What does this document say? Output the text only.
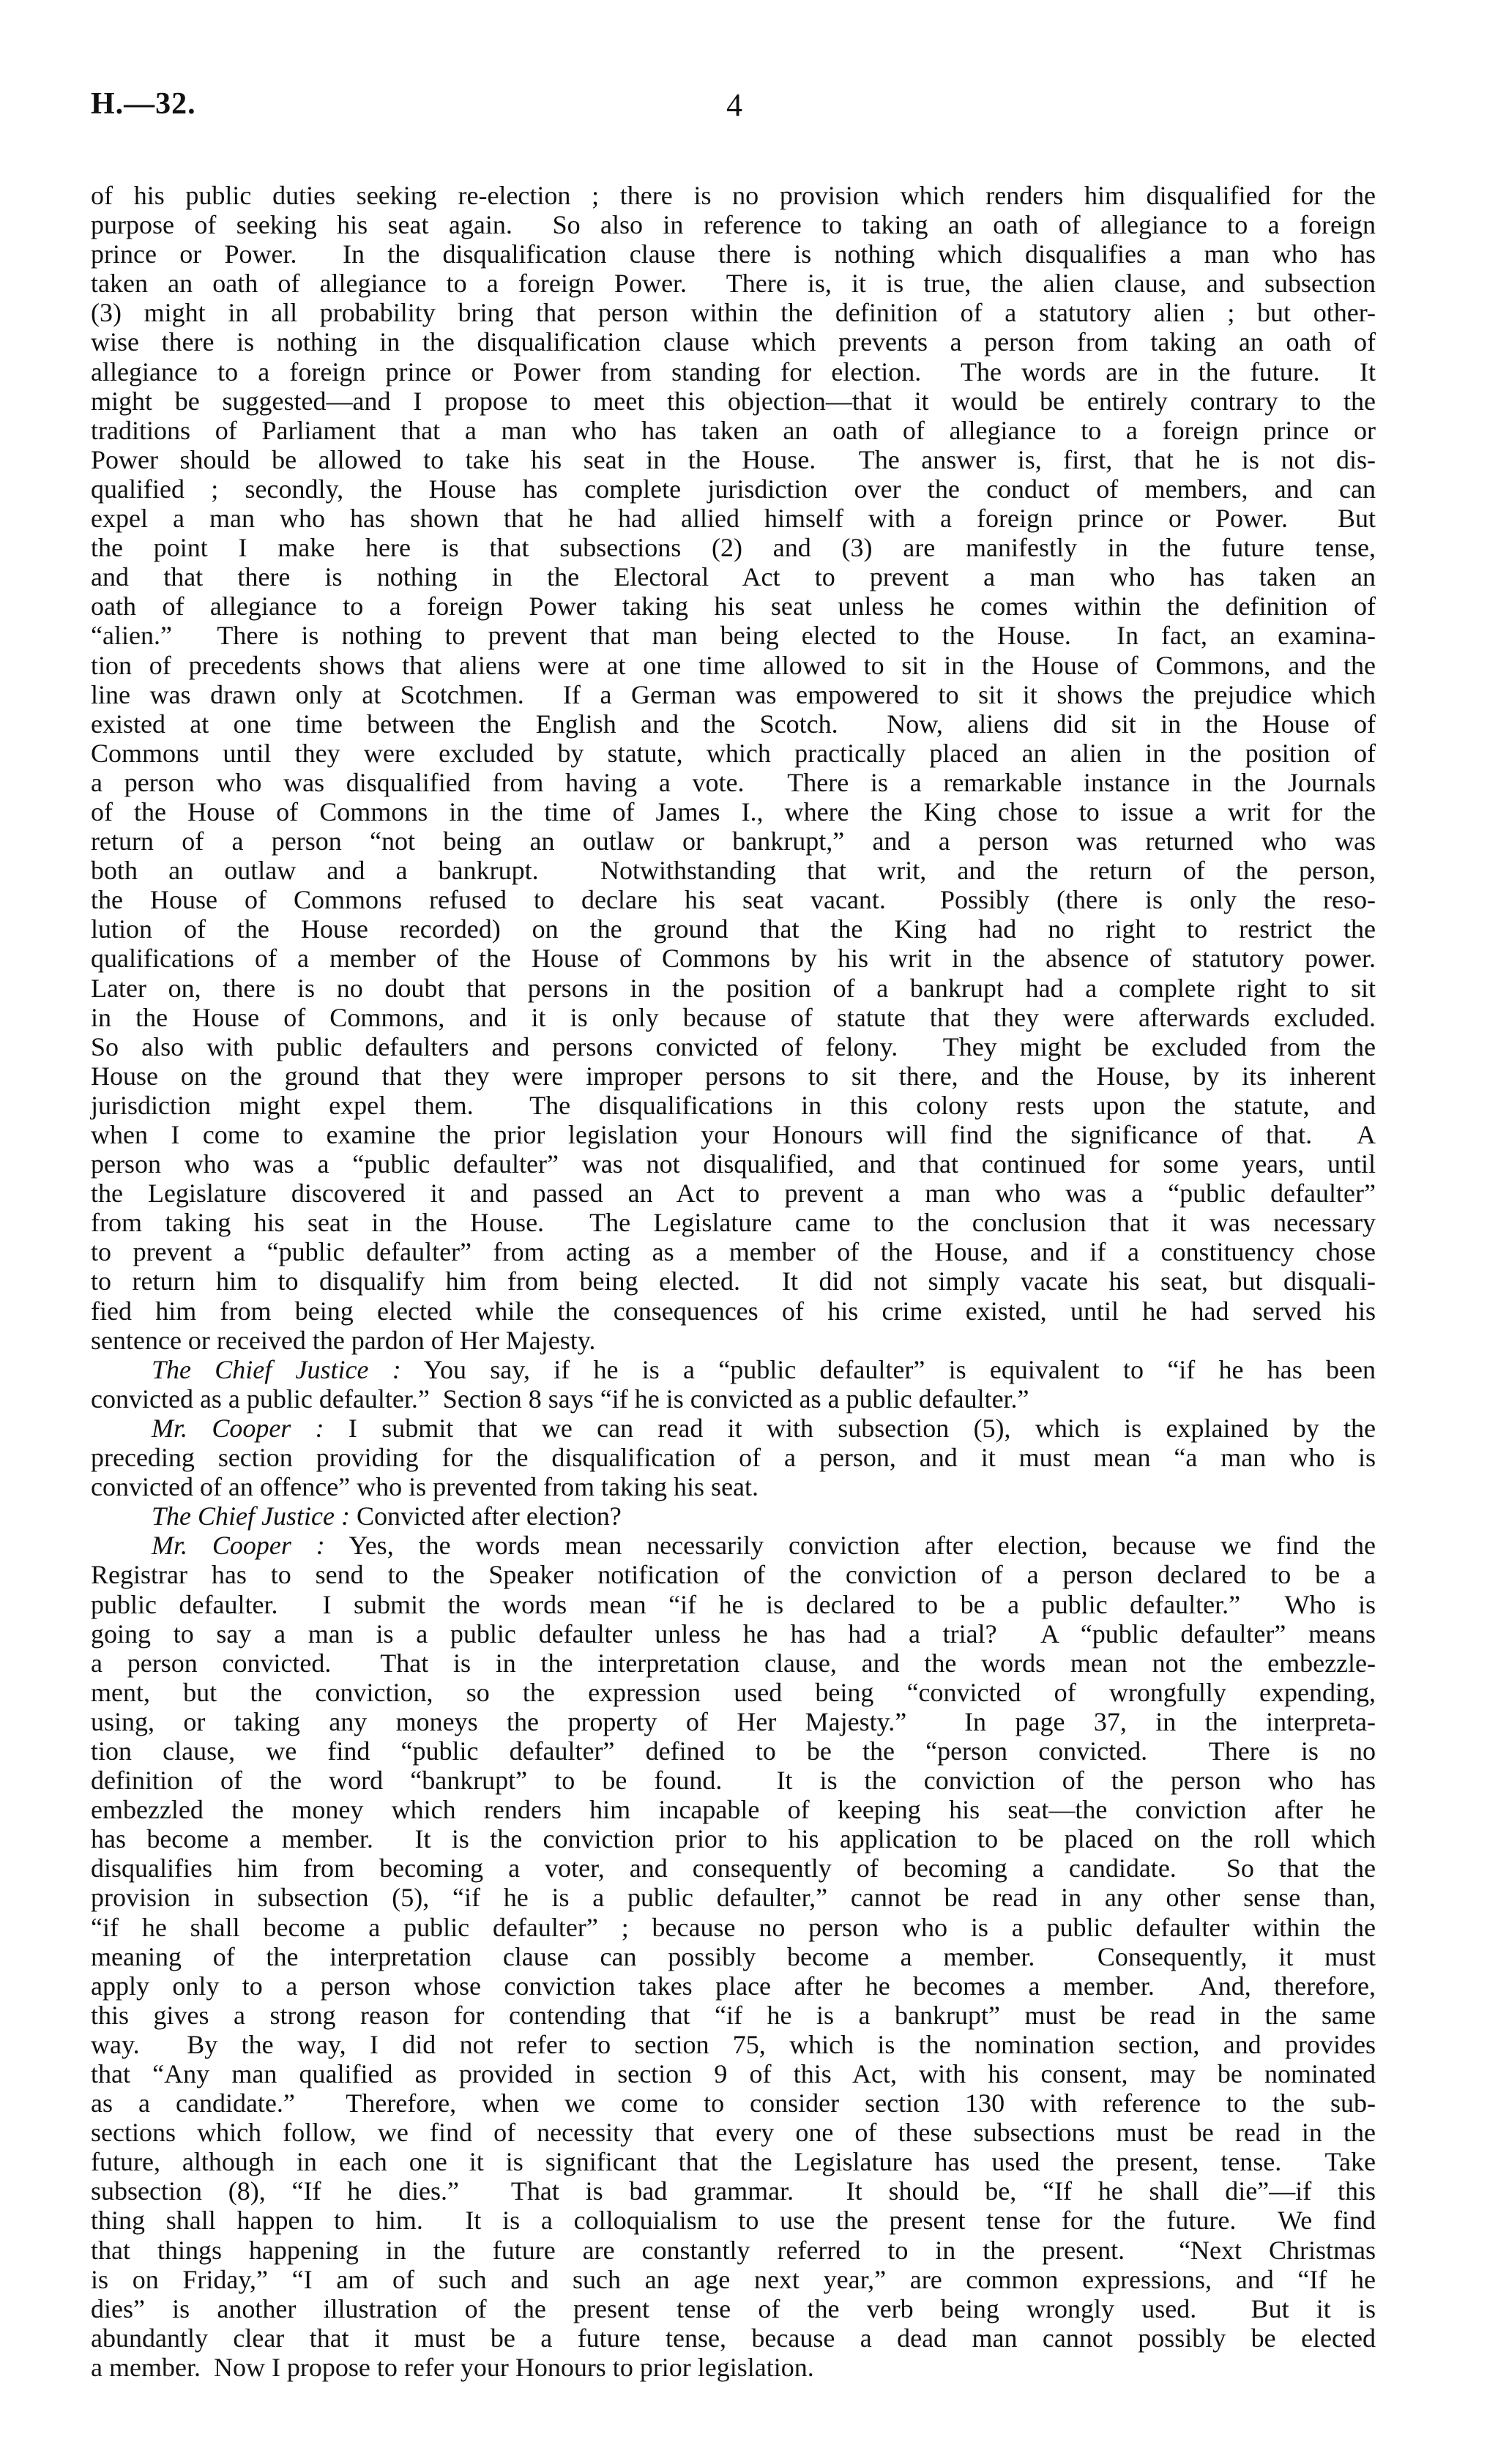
H.—32.	4
of his public duties seeking re-election ; there is no provision which renders him disqualified for the
purpose of seeking his seat again.  So also in reference to taking an oath of allegiance to a foreign
prince or Power.  In the disqualification clause there is nothing which disqualifies a man who has
taken an oath of allegiance to a foreign Power.  There is, it is true, the alien clause, and subsection
(3) might in all probability bring that person within the definition of a statutory alien ; but other-
wise there is nothing in the disqualification clause which prevents a person from taking an oath of
allegiance to a foreign prince or Power from standing for election.  The words are in the future.  It
might be suggested—and I propose to meet this objection—that it would be entirely contrary to the
traditions of Parliament that a man who has taken an oath of allegiance to a foreign prince or
Power should be allowed to take his seat in the House.  The answer is, first, that he is not dis-
qualified ; secondly, the House has complete jurisdiction over the conduct of members, and can
expel a man who has shown that he had allied himself with a foreign prince or Power.  But
the point I make here is that subsections (2) and (3) are manifestly in the future tense,
and that there is nothing in the Electoral Act to prevent a man who has taken an
oath of allegiance to a foreign Power taking his seat unless he comes within the definition of
“alien.”  There is nothing to prevent that man being elected to the House.  In fact, an examina-
tion of precedents shows that aliens were at one time allowed to sit in the House of Commons, and the
line was drawn only at Scotchmen.  If a German was empowered to sit it shows the prejudice which
existed at one time between the English and the Scotch.  Now, aliens did sit in the House of
Commons until they were excluded by statute, which practically placed an alien in the position of
a person who was disqualified from having a vote.  There is a remarkable instance in the Journals
of the House of Commons in the time of James I., where the King chose to issue a writ for the
return of a person “not being an outlaw or bankrupt,” and a person was returned who was
both an outlaw and a bankrupt.  Notwithstanding that writ, and the return of the person,
the House of Commons refused to declare his seat vacant.  Possibly (there is only the reso-
lution of the House recorded) on the ground that the King had no right to restrict the
qualifications of a member of the House of Commons by his writ in the absence of statutory power.
Later on, there is no doubt that persons in the position of a bankrupt had a complete right to sit
in the House of Commons, and it is only because of statute that they were afterwards excluded.
So also with public defaulters and persons convicted of felony.  They might be excluded from the
House on the ground that they were improper persons to sit there, and the House, by its inherent
jurisdiction might expel them.  The disqualifications in this colony rests upon the statute, and
when I come to examine the prior legislation your Honours will find the significance of that.  A
person who was a “public defaulter” was not disqualified, and that continued for some years, until
the Legislature discovered it and passed an Act to prevent a man who was a “public defaulter”
from taking his seat in the House.  The Legislature came to the conclusion that it was necessary
to prevent a “public defaulter” from acting as a member of the House, and if a constituency chose
to return him to disqualify him from being elected.  It did not simply vacate his seat, but disquali-
fied him from being elected while the consequences of his crime existed, until he had served his
sentence or received the pardon of Her Majesty.
The Chief Justice : You say, if he is a “public defaulter” is equivalent to “if he has been
convicted as a public defaulter.”  Section 8 says “if he is convicted as a public defaulter.”
Mr. Cooper : I submit that we can read it with subsection (5), which is explained by the
preceding section providing for the disqualification of a person, and it must mean “a man who is
convicted of an offence” who is prevented from taking his seat.
The Chief Justice : Convicted after election?
Mr. Cooper : Yes, the words mean necessarily conviction after election, because we find the
Registrar has to send to the Speaker notification of the conviction of a person declared to be a
public defaulter.  I submit the words mean “if he is declared to be a public defaulter.”  Who is
going to say a man is a public defaulter unless he has had a trial?  A “public defaulter” means
a person convicted.  That is in the interpretation clause, and the words mean not the embezzle-
ment, but the conviction, so the expression used being “convicted of wrongfully expending,
using, or taking any moneys the property of Her Majesty.”  In page 37, in the interpreta-
tion clause, we find “public defaulter” defined to be the “person convicted.  There is no
definition of the word “bankrupt” to be found.  It is the conviction of the person who has
embezzled the money which renders him incapable of keeping his seat—the conviction after he
has become a member.  It is the conviction prior to his application to be placed on the roll which
disqualifies him from becoming a voter, and consequently of becoming a candidate.  So that the
provision in subsection (5), “if he is a public defaulter,” cannot be read in any other sense than,
“if he shall become a public defaulter” ; because no person who is a public defaulter within the
meaning of the interpretation clause can possibly become a member.  Consequently, it must
apply only to a person whose conviction takes place after he becomes a member.  And, therefore,
this gives a strong reason for contending that “if he is a bankrupt” must be read in the same
way.  By the way, I did not refer to section 75, which is the nomination section, and provides
that “Any man qualified as provided in section 9 of this Act, with his consent, may be nominated
as a candidate.”  Therefore, when we come to consider section 130 with reference to the sub-
sections which follow, we find of necessity that every one of these subsections must be read in the
future, although in each one it is significant that the Legislature has used the present, tense.  Take
subsection (8), “If he dies.”  That is bad grammar.  It should be, “If he shall die”—if this
thing shall happen to him.  It is a colloquialism to use the present tense for the future.  We find
that things happening in the future are constantly referred to in the present.  “Next Christmas
is on Friday,” “I am of such and such an age next year,” are common expressions, and “If he
dies” is another illustration of the present tense of the verb being wrongly used.  But it is
abundantly clear that it must be a future tense, because a dead man cannot possibly be elected
a member.  Now I propose to refer your Honours to prior legislation.
